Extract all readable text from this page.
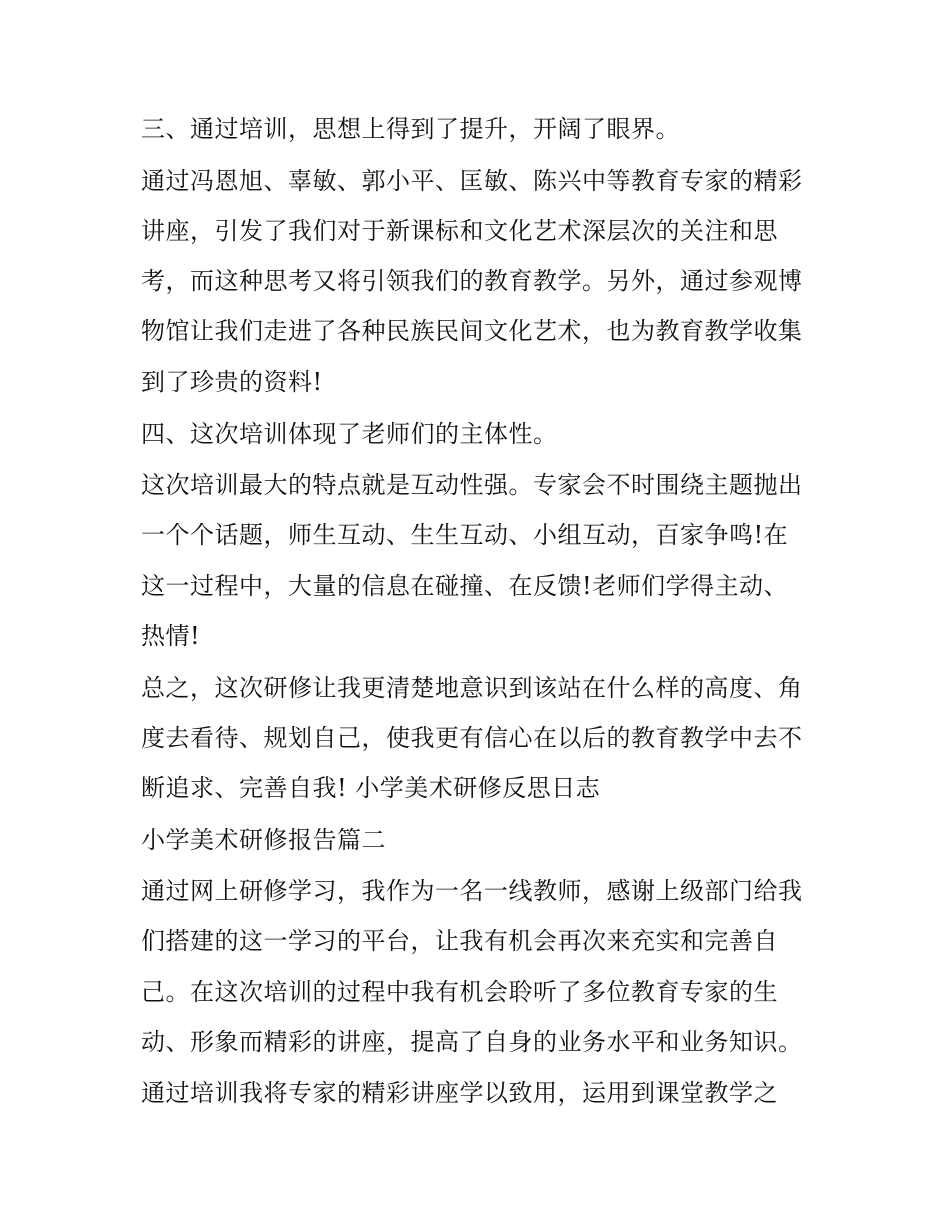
三、通过培训，思想上得到了提升，开阔了眼界。
通过冯恩旭、辜敏、郭小平、匡敏、陈兴中等教育专家的精彩
讲座，引发了我们对于新课标和文化艺术深层次的关注和思
考，而这种思考又将引领我们的教育教学。另外，通过参观博
物馆让我们走进了各种民族民间文化艺术，也为教育教学收集
到了珍贵的资料!
四、这次培训体现了老师们的主体性。
这次培训最大的特点就是互动性强。专家会不时围绕主题抛出
一个个话题，师生互动、生生互动、小组互动，百家争鸣!在
这一过程中，大量的信息在碰撞、在反馈!老师们学得主动、
热情!
总之，这次研修让我更清楚地意识到该站在什么样的高度、角
度去看待、规划自己，使我更有信心在以后的教育教学中去不
断追求、完善自我! 小学美术研修反思日志
小学美术研修报告篇二
通过网上研修学习，我作为一名一线教师，感谢上级部门给我
们搭建的这一学习的平台，让我有机会再次来充实和完善自
己。在这次培训的过程中我有机会聆听了多位教育专家的生
动、形象而精彩的讲座，提高了自身的业务水平和业务知识。
通过培训我将专家的精彩讲座学以致用，运用到课堂教学之
